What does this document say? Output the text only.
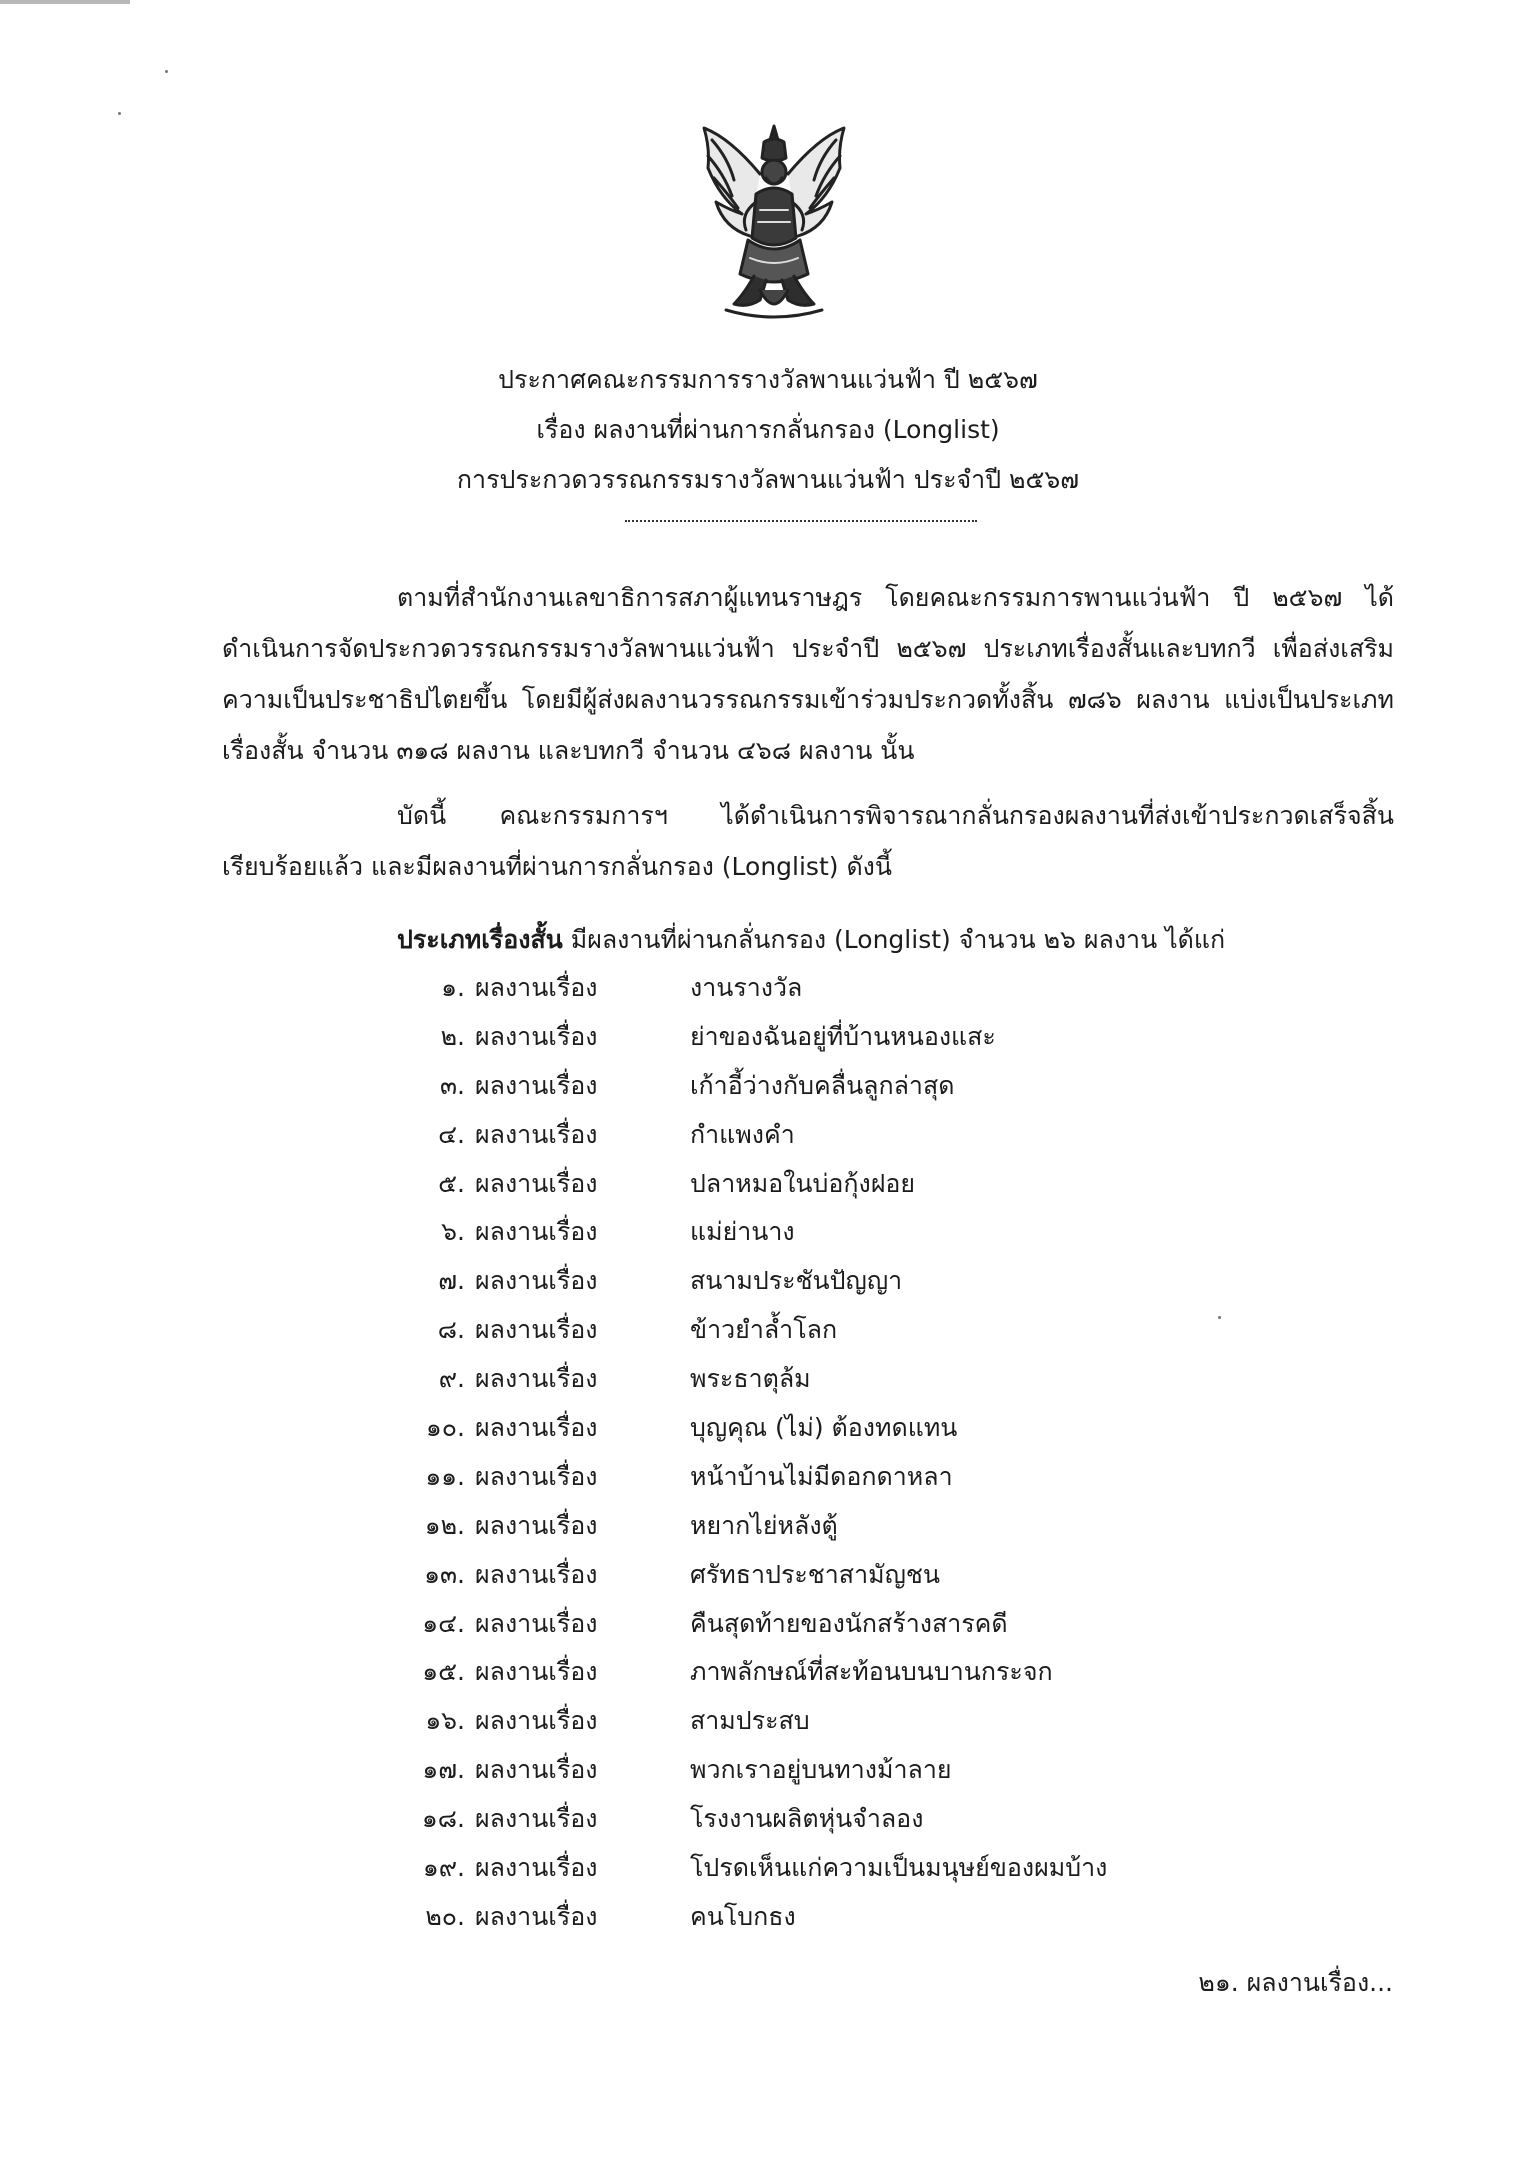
ประกาศคณะกรรมการรางวัลพานแว่นฟ้า ปี ๒๕๖๗
เรื่อง ผลงานที่ผ่านการกลั่นกรอง (Longlist)
การประกวดวรรณกรรมรางวัลพานแว่นฟ้า ประจำปี ๒๕๖๗

ตามที่สำนักงานเลขาธิการสภาผู้แทนราษฎร โดยคณะกรรมการพานแว่นฟ้า ปี ๒๕๖๗ ได้ดำเนินการจัดประกวดวรรณกรรมรางวัลพานแว่นฟ้า ประจำปี ๒๕๖๗ ประเภทเรื่องสั้นและบทกวี เพื่อส่งเสริมความเป็นประชาธิปไตยขึ้น โดยมีผู้ส่งผลงานวรรณกรรมเข้าร่วมประกวดทั้งสิ้น ๗๘๖ ผลงาน แบ่งเป็นประเภทเรื่องสั้น จำนวน ๓๑๘ ผลงาน และบทกวี จำนวน ๔๖๘ ผลงาน นั้น

บัดนี้ คณะกรรมการฯ ได้ดำเนินการพิจารณากลั่นกรองผลงานที่ส่งเข้าประกวดเสร็จสิ้น เรียบร้อยแล้ว และมีผลงานที่ผ่านการกลั่นกรอง (Longlist) ดังนี้

ประเภทเรื่องสั้น มีผลงานที่ผ่านกลั่นกรอง (Longlist) จำนวน ๒๖ ผลงาน ได้แก่
๑. ผลงานเรื่อง	งานรางวัล
๒. ผลงานเรื่อง	ย่าของฉันอยู่ที่บ้านหนองแสะ
๓. ผลงานเรื่อง	เก้าอี้ว่างกับคลื่นลูกล่าสุด
๔. ผลงานเรื่อง	กำแพงคำ
๕. ผลงานเรื่อง	ปลาหมอในบ่อกุ้งฝอย
๖. ผลงานเรื่อง	แม่ย่านาง
๗. ผลงานเรื่อง	สนามประชันปัญญา
๘. ผลงานเรื่อง	ข้าวยำล้ำโลก
๙. ผลงานเรื่อง	พระธาตุล้ม
๑๐. ผลงานเรื่อง	บุญคุณ (ไม่) ต้องทดแทน
๑๑. ผลงานเรื่อง	หน้าบ้านไม่มีดอกดาหลา
๑๒. ผลงานเรื่อง	หยากไย่หลังตู้
๑๓. ผลงานเรื่อง	ศรัทธาประชาสามัญชน
๑๔. ผลงานเรื่อง	คืนสุดท้ายของนักสร้างสารคดี
๑๕. ผลงานเรื่อง	ภาพลักษณ์ที่สะท้อนบนบานกระจก
๑๖. ผลงานเรื่อง	สามประสบ
๑๗. ผลงานเรื่อง	พวกเราอยู่บนทางม้าลาย
๑๘. ผลงานเรื่อง	โรงงานผลิตหุ่นจำลอง
๑๙. ผลงานเรื่อง	โปรดเห็นแก่ความเป็นมนุษย์ของผมบ้าง
๒๐. ผลงานเรื่อง	คนโบกธง
๒๑. ผลงานเรื่อง...
